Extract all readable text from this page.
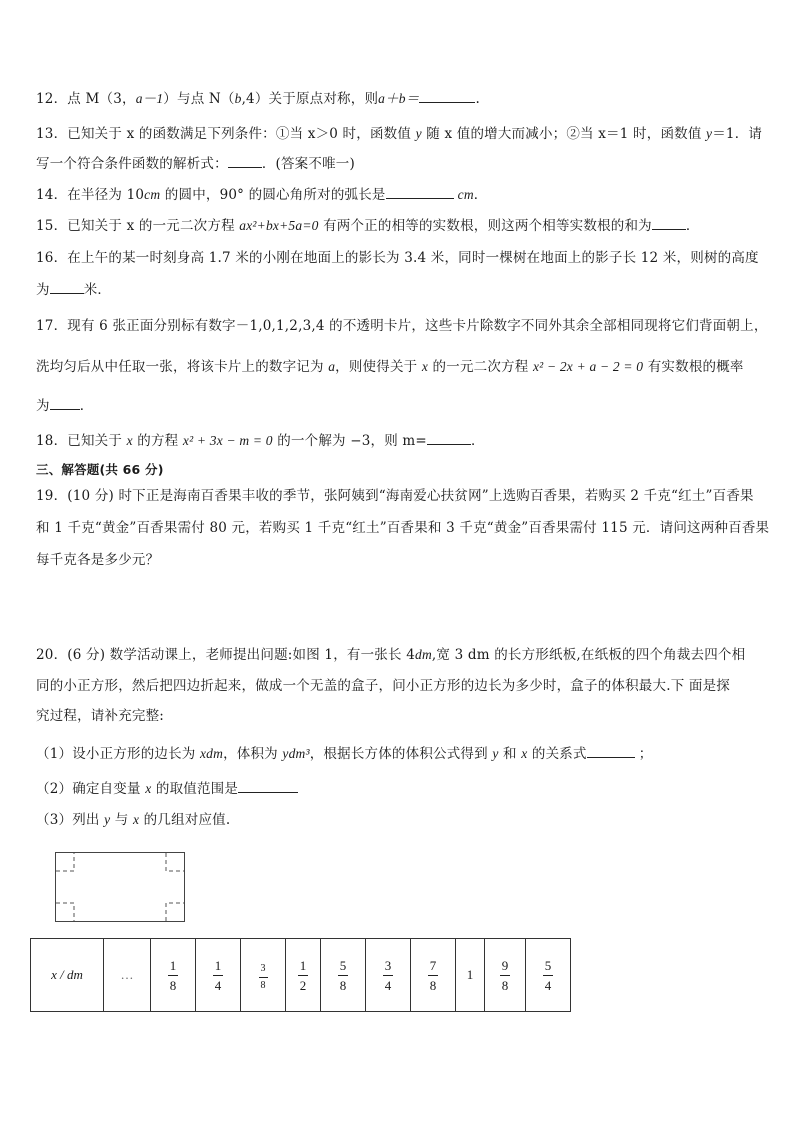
12．点 M（3，a－1）与点 N（b,4）关于原点对称，则a＋b＝	.
13．已知关于 x 的函数满足下列条件：①当 x＞0 时，函数值 y 随 x 值的增大而减小；②当 x＝1 时，函数值 y＝1．请
写一个符合条件函数的解析式：	．(答案不唯一)
14．在半径为 10cm 的圆中，90° 的圆心角所对的弧长是	cm．
15．已知关于 x 的一元二次方程 ax²+bx+5a=0 有两个正的相等的实数根，则这两个相等实数根的和为	．
16．在上午的某一时刻身高 1.7 米的小刚在地面上的影长为 3.4 米，同时一棵树在地面上的影子长 12 米，则树的高度
为	米．
17．现有 6 张正面分别标有数字－1,0,1,2,3,4 的不透明卡片，这些卡片除数字不同外其余全部相同现将它们背面朝上，
洗均匀后从中任取一张，将该卡片上的数字记为 a，则使得关于 x 的一元二次方程 x² − 2x + a − 2 = 0 有实数根的概率
为 ．
18．已知关于 x 的方程 x² + 3x − m = 0 的一个解为 −3，则 m=	．
三、解答题(共 66 分)
19．(10 分) 时下正是海南百香果丰收的季节，张阿姨到“海南爱心扶贫网”上选购百香果，若购买 2 千克“红土”百香果
和 1 千克“黄金”百香果需付 80 元，若购买 1 千克“红土”百香果和 3 千克“黄金”百香果需付 115 元．请问这两种百香果
每千克各是多少元？
20．(6 分) 数学活动课上，老师提出问题:如图 1，有一张长 4dm,宽 3 dm 的长方形纸板,在纸板的四个角裁去四个相
同的小正方形，然后把四边折起来，做成一个无盖的盒子，问小正方形的边长为多少时，盒子的体积最大.下 面是探
究过程，请补充完整:
（1）设小正方形的边长为 xdm，体积为 ydm³，根据长方体的体积公式得到 y 和 x 的关系式	；
（2）确定自变量 x 的取值范围是
（3）列出 y 与 x 的几组对应值.
x / dm	…	$\frac{1}{8}$	$\frac{1}{4}$	$\frac{3}{8}$	$\frac{1}{2}$	$\frac{5}{8}$	$\frac{3}{4}$	$\frac{7}{8}$	1	$\frac{9}{8}$	$\frac{5}{4}$
